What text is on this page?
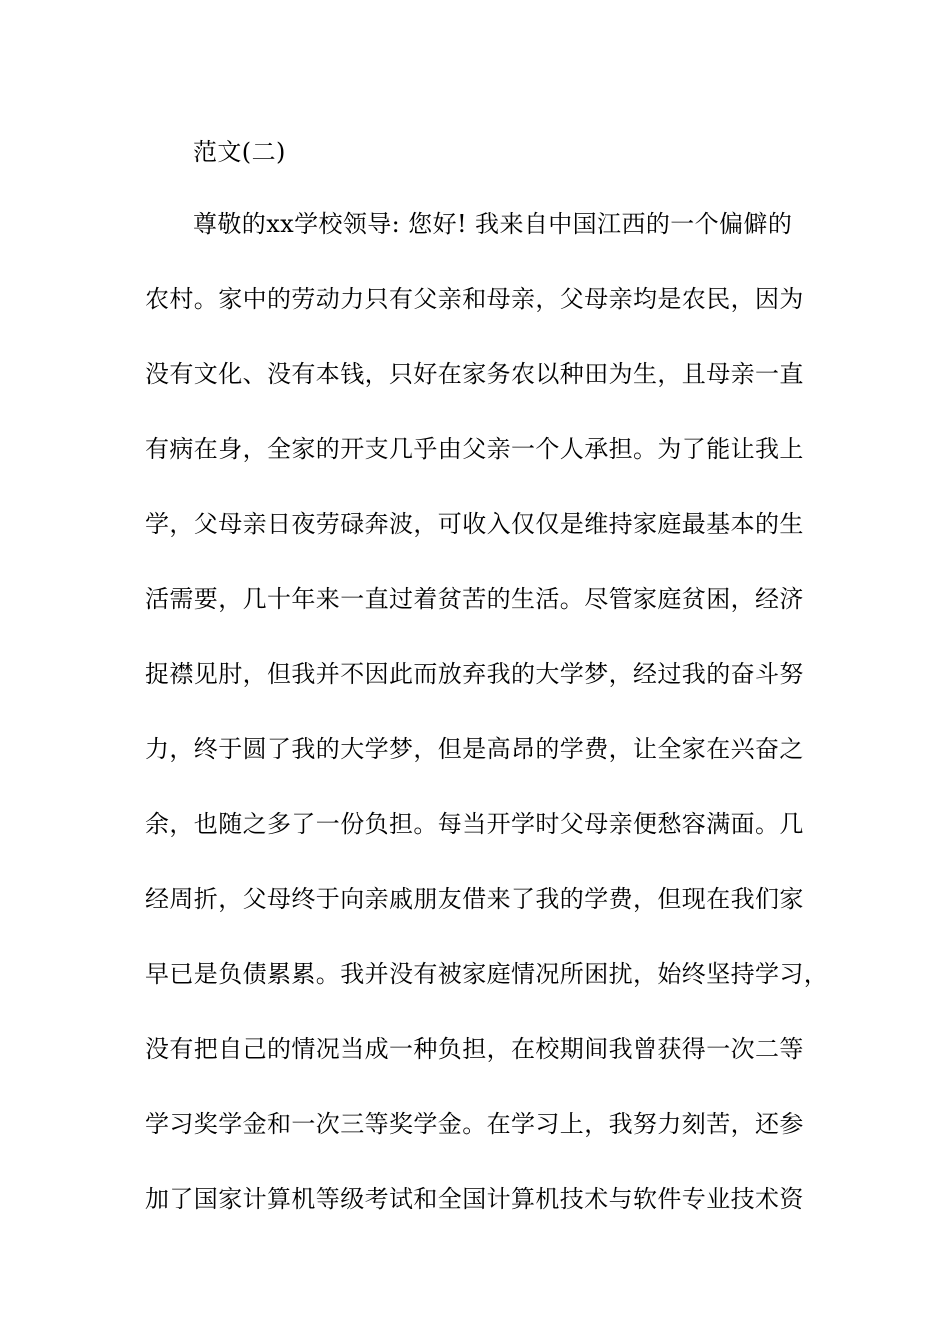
范文(二)
尊敬的xx学校领导: 您好! 我来自中国江西的一个偏僻的
农村。家中的劳动力只有父亲和母亲，父母亲均是农民，因为
没有文化、没有本钱，只好在家务农以种田为生，且母亲一直
有病在身，全家的开支几乎由父亲一个人承担。为了能让我上
学，父母亲日夜劳碌奔波，可收入仅仅是维持家庭最基本的生
活需要，几十年来一直过着贫苦的生活。尽管家庭贫困，经济
捉襟见肘，但我并不因此而放弃我的大学梦，经过我的奋斗努
力，终于圆了我的大学梦，但是高昂的学费，让全家在兴奋之
余，也随之多了一份负担。每当开学时父母亲便愁容满面。几
经周折，父母终于向亲戚朋友借来了我的学费，但现在我们家
早已是负债累累。我并没有被家庭情况所困扰，始终坚持学习，
没有把自己的情况当成一种负担，在校期间我曾获得一次二等
学习奖学金和一次三等奖学金。在学习上，我努力刻苦，还参
加了国家计算机等级考试和全国计算机技术与软件专业技术资
